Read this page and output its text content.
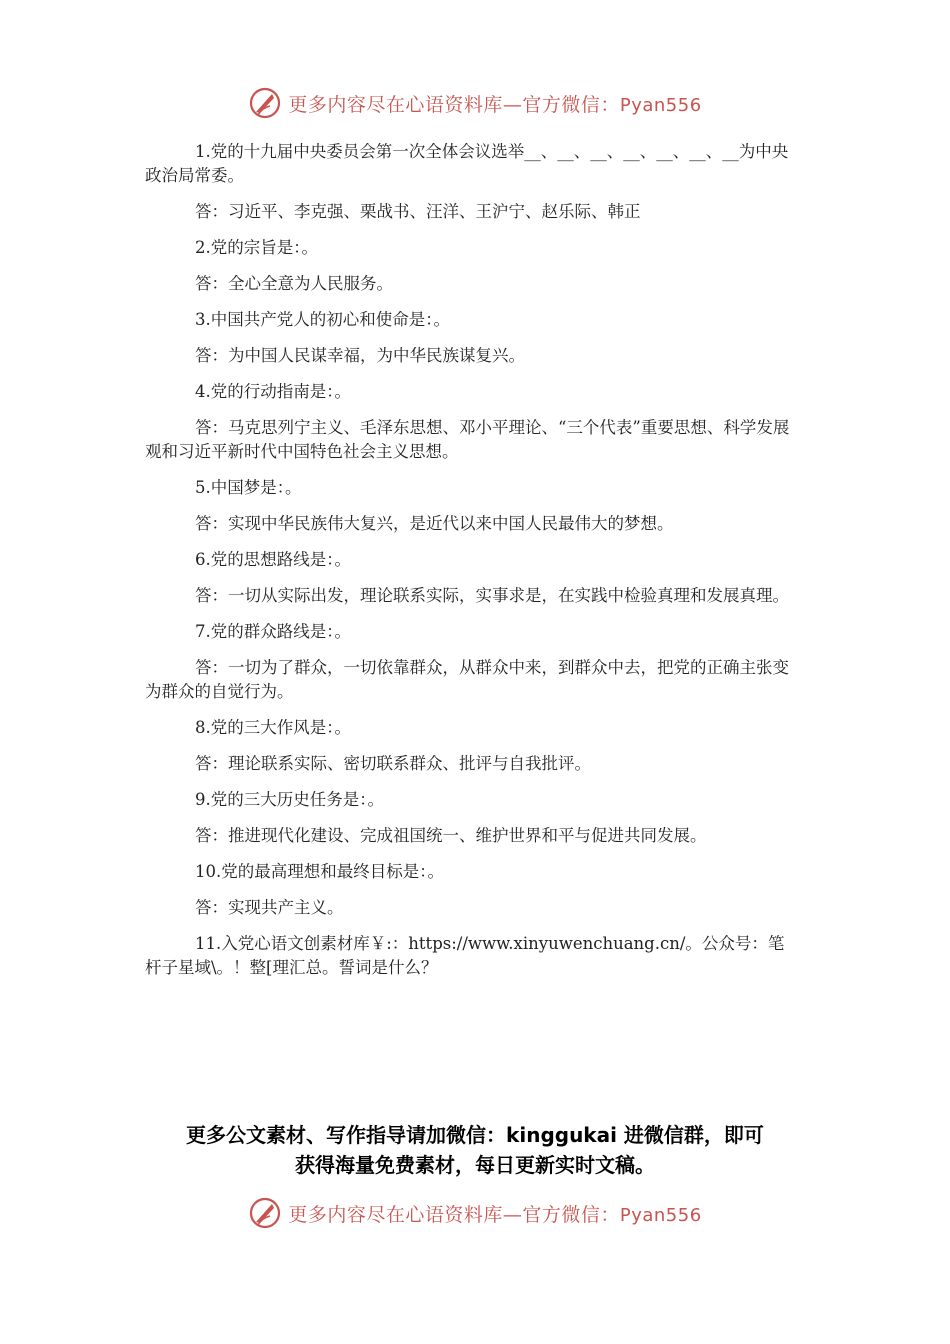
更多内容尽在心语资料库—官方微信：Pyan556

1.党的十九届中央委员会第一次全体会议选举__、__、__、__、__、__、__为中央政治局常委。

答：习近平、李克强、栗战书、汪洋、王沪宁、赵乐际、韩正

2.党的宗旨是：。

答：全心全意为人民服务。

3.中国共产党人的初心和使命是：。

答：为中国人民谋幸福，为中华民族谋复兴。

4.党的行动指南是：。

答：马克思列宁主义、毛泽东思想、邓小平理论、“三个代表”重要思想、科学发展观和习近平新时代中国特色社会主义思想。

5.中国梦是：。

答：实现中华民族伟大复兴，是近代以来中国人民最伟大的梦想。

6.党的思想路线是：。

答：一切从实际出发，理论联系实际，实事求是，在实践中检验真理和发展真理。

7.党的群众路线是：。

答：一切为了群众，一切依靠群众，从群众中来，到群众中去，把党的正确主张变为群众的自觉行为。

8.党的三大作风是：。

答：理论联系实际、密切联系群众、批评与自我批评。

9.党的三大历史任务是：。

答：推进现代化建设、完成祖国统一、维护世界和平与促进共同发展。

10.党的最高理想和最终目标是：。

答：实现共产主义。

11.入党心语文创素材库￥:：https://www.xinyuwenchuang.cn/。公众号：笔杆子星域\。！整[理汇总。誓词是什么？

更多公文素材、写作指导请加微信：kinggukai 进微信群，即可
获得海量免费素材，每日更新实时文稿。
更多内容尽在心语资料库—官方微信：Pyan556
